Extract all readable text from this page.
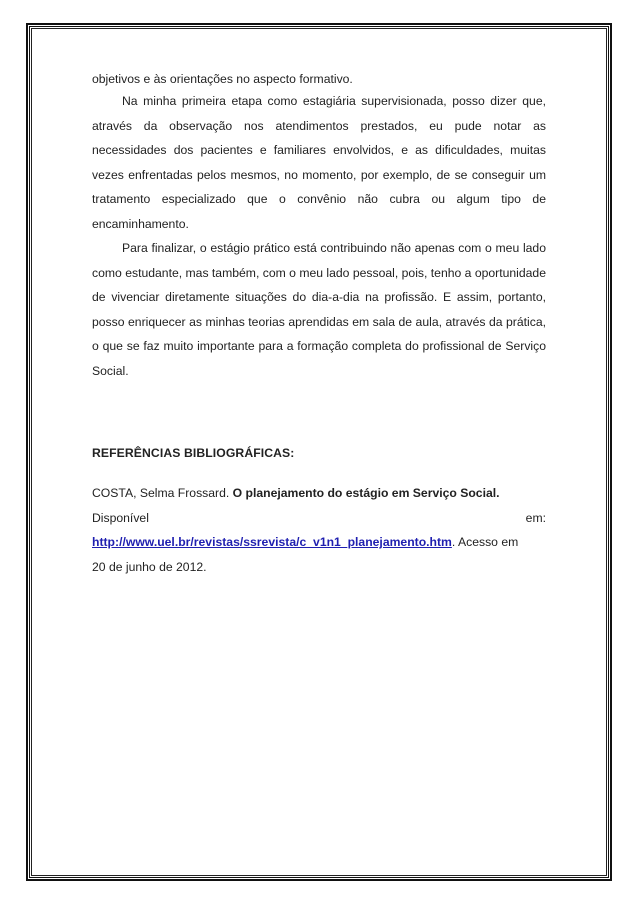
objetivos e às orientações no aspecto formativo.

Na minha primeira etapa como estagiária supervisionada, posso dizer que, através da observação nos atendimentos prestados, eu pude notar as necessidades dos pacientes e familiares envolvidos, e as dificuldades, muitas vezes enfrentadas pelos mesmos, no momento, por exemplo, de se conseguir um tratamento especializado que o convênio não cubra ou algum tipo de encaminhamento.

Para finalizar, o estágio prático está contribuindo não apenas com o meu lado como estudante, mas também, com o meu lado pessoal, pois, tenho a oportunidade de vivenciar diretamente situações do dia-a-dia na profissão. E assim, portanto, posso enriquecer as minhas teorias aprendidas em sala de aula, através da prática, o que se faz muito importante para a formação completa do profissional de Serviço Social.

REFERÊNCIAS BIBLIOGRÁFICAS:

COSTA, Selma Frossard. O planejamento do estágio em Serviço Social.

Disponível	em:

http://www.uel.br/revistas/ssrevista/c_v1n1_planejamento.htm. Acesso em

20 de junho de 2012.
